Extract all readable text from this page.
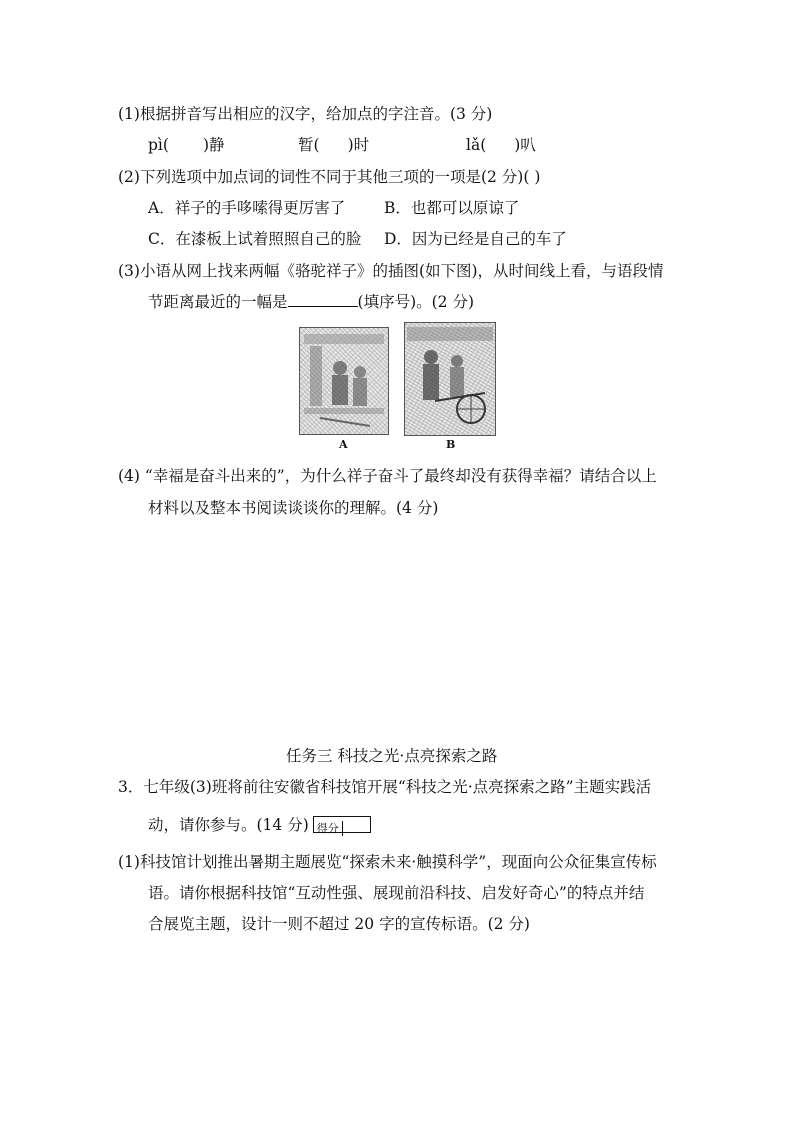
(1)根据拼音写出相应的汉字，给加点的字注音。(3 分)
pì( )静	暂( )时	lǎ( )叭
(2)下列选项中加点词的词性不同于其他三项的一项是(2 分)( )
A．祥子的手哆嗦得更厉害了	B．也都可以原谅了
C．在漆板上试着照照自己的脸 D．因为已经是自己的车了
(3)小语从网上找来两幅《骆驼祥子》的插图(如下图)，从时间线上看，与语段情
节距离最近的一幅是	(填序号)。(2 分)
A	B
(4) “幸福是奋斗出来的”，为什么祥子奋斗了最终却没有获得幸福？请结合以上
材料以及整本书阅读谈谈你的理解。(4 分)
任务三 科技之光·点亮探索之路
3．七年级(3)班将前往安徽省科技馆开展“科技之光·点亮探索之路”主题实践活
动，请你参与。(14 分) 得分
(1)科技馆计划推出暑期主题展览“探索未来·触摸科学”，现面向公众征集宣传标
语。请你根据科技馆“互动性强、展现前沿科技、启发好奇心”的特点并结
合展览主题，设计一则不超过 20 字的宣传标语。(2 分)
